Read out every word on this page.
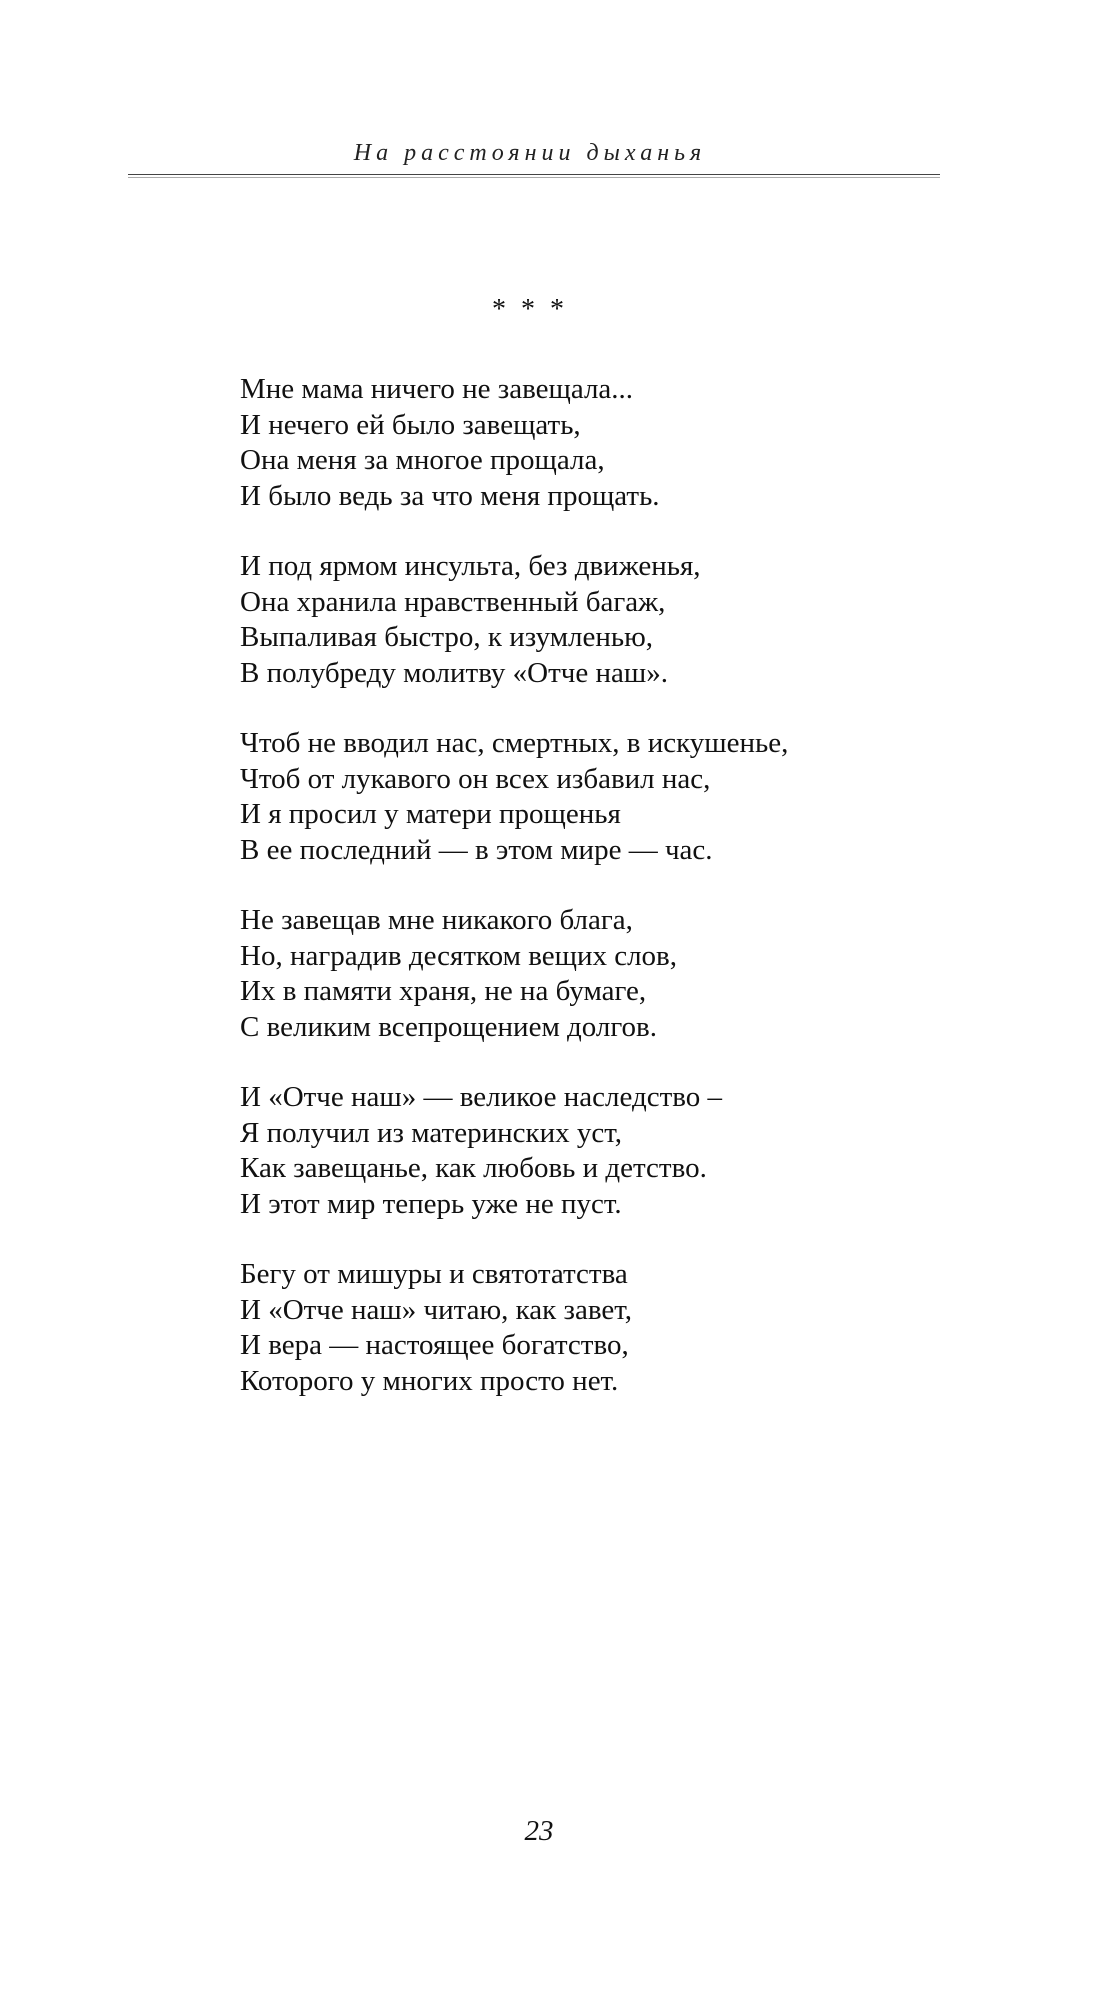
На расстоянии дыханья
* * *
Мне мама ничего не завещала...
И нечего ей было завещать,
Она меня за многое прощала,
И было ведь за что меня прощать.
И под ярмом инсульта, без движенья,
Она хранила нравственный багаж,
Выпаливая быстро, к изумленью,
В полубреду молитву «Отче наш».
Чтоб не вводил нас, смертных, в искушенье,
Чтоб от лукавого он всех избавил нас,
И я просил у матери прощенья
В ее последний — в этом мире — час.
Не завещав мне никакого блага,
Но, наградив десятком вещих слов,
Их в памяти храня, не на бумаге,
С великим всепрощением долгов.
И «Отче наш» — великое наследство –
Я получил из материнских уст,
Как завещанье, как любовь и детство.
И этот мир теперь уже не пуст.
Бегу от мишуры и святотатства
И «Отче наш» читаю, как завет,
И вера — настоящее богатство,
Которого у многих просто нет.
23
